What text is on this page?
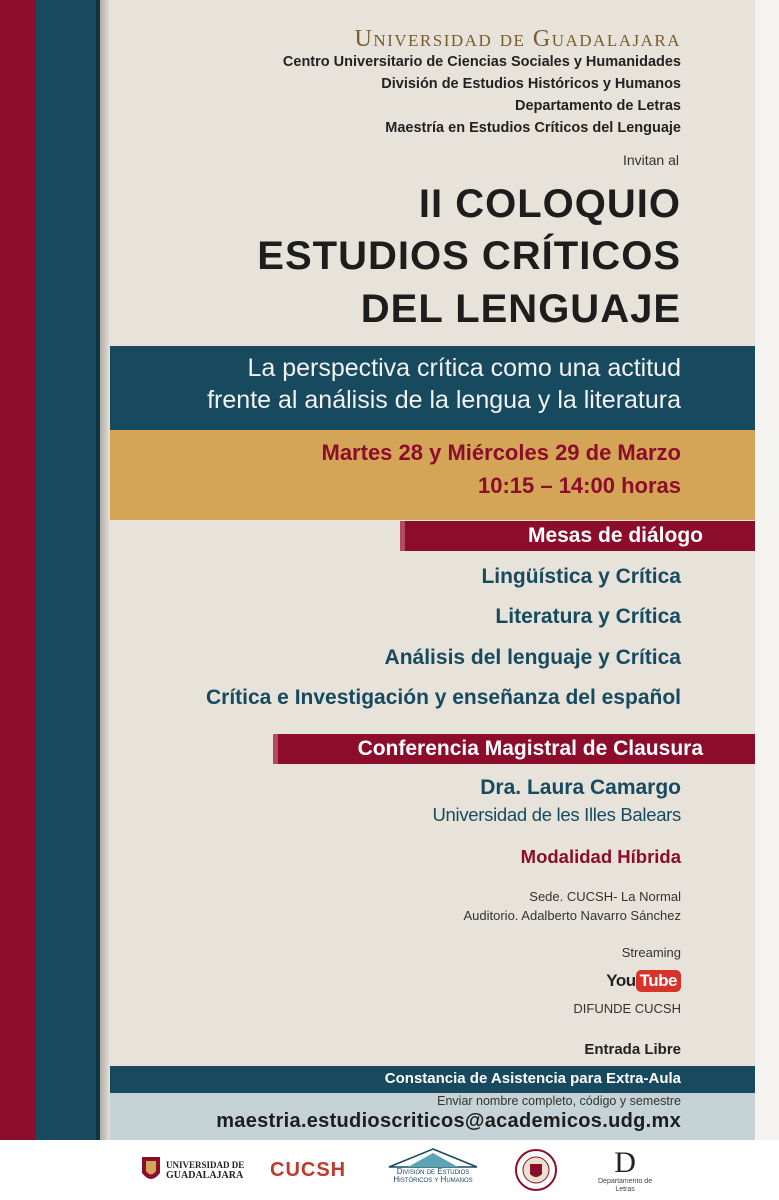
Universidad de Guadalajara
Centro Universitario de Ciencias Sociales y Humanidades
División de Estudios Históricos y Humanos
Departamento de Letras
Maestría en Estudios Críticos del Lenguaje
Invitan al
II COLOQUIO
ESTUDIOS CRÍTICOS
DEL LENGUAJE
La perspectiva crítica como una actitud
frente al análisis de la lengua y la literatura
Martes 28 y Miércoles 29 de Marzo
10:15 – 14:00 horas
Mesas de diálogo
Lingüística y Crítica
Literatura y Crítica
Análisis del lenguaje y Crítica
Crítica e Investigación y enseñanza del español
Conferencia Magistral de Clausura
Dra. Laura Camargo
Universidad de les Illes Balears
Modalidad Híbrida
Sede. CUCSH- La Normal
Auditorio. Adalberto Navarro Sánchez
Streaming
You Tube
DIFUNDE CUCSH
Entrada Libre
Constancia de Asistencia para Extra-Aula
Enviar nombre completo, código y semestre
maestria.estudioscriticos@academicos.udg.mx
UNIVERSIDAD DE
GUADALAJARA CUCSH	División de Estudios
Históricos y Humanos
D
Departamento de
Letras
